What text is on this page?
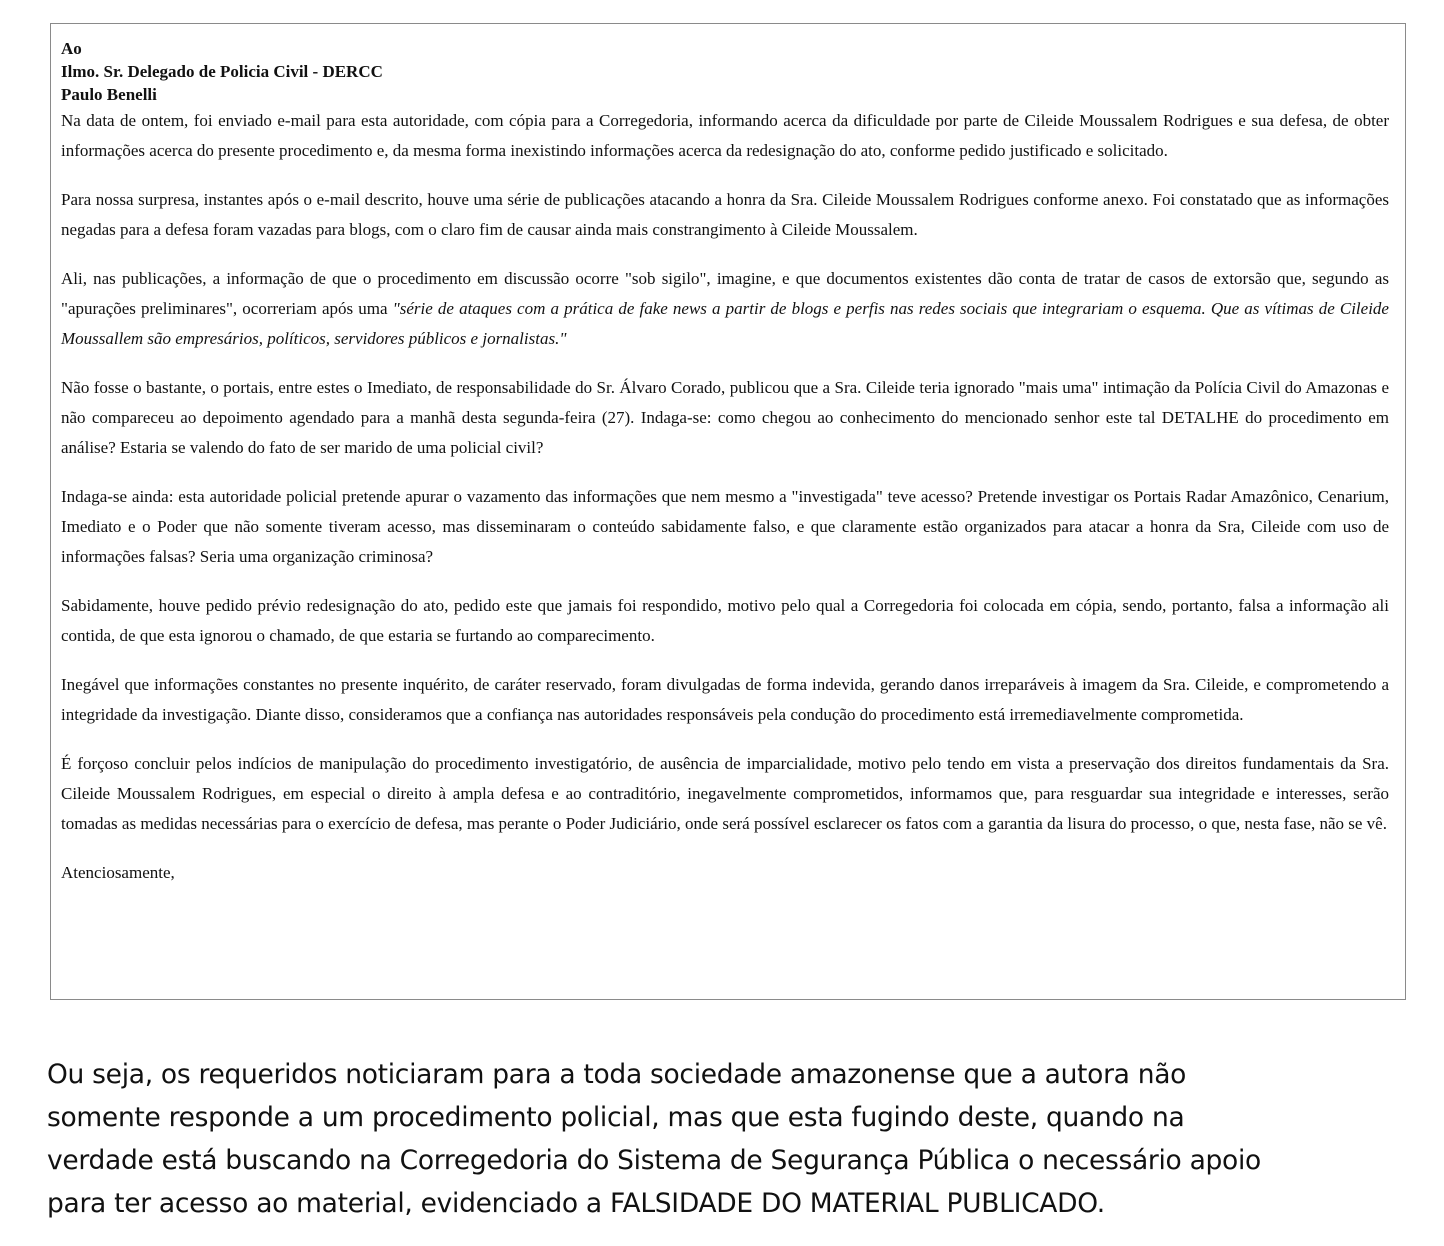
Ao

Ilmo. Sr. Delegado de Policia Civil - DERCC

Paulo Benelli

Na data de ontem, foi enviado e-mail para esta autoridade, com cópia para a Corregedoria, informando acerca da dificuldade por parte de Cileide Moussalem Rodrigues e sua defesa, de obter informações acerca do presente procedimento e, da mesma forma inexistindo informações acerca da redesignação do ato, conforme pedido justificado e solicitado.

Para nossa surpresa, instantes após o e-mail descrito, houve uma série de publicações atacando a honra da Sra. Cileide Moussalem Rodrigues conforme anexo. Foi constatado que as informações negadas para a defesa foram vazadas para blogs, com o claro fim de causar ainda mais constrangimento à Cileide Moussalem.

Ali, nas publicações, a informação de que o procedimento em discussão ocorre "sob sigilo", imagine, e que documentos existentes dão conta de tratar de casos de extorsão que, segundo as "apurações preliminares", ocorreriam após uma "série de ataques com a prática de fake news a partir de blogs e perfis nas redes sociais que integrariam o esquema. Que as vítimas de Cileide Moussallem são empresários, políticos, servidores públicos e jornalistas."

Não fosse o bastante, o portais, entre estes o Imediato, de responsabilidade do Sr. Álvaro Corado, publicou que a Sra. Cileide teria ignorado "mais uma" intimação da Polícia Civil do Amazonas e não compareceu ao depoimento agendado para a manhã desta segunda-feira (27). Indaga-se: como chegou ao conhecimento do mencionado senhor este tal DETALHE do procedimento em análise? Estaria se valendo do fato de ser marido de uma policial civil?

Indaga-se ainda: esta autoridade policial pretende apurar o vazamento das informações que nem mesmo a "investigada" teve acesso? Pretende investigar os Portais Radar Amazônico, Cenarium, Imediato e o Poder que não somente tiveram acesso, mas disseminaram o conteúdo sabidamente falso, e que claramente estão organizados para atacar a honra da Sra, Cileide com uso de informações falsas? Seria uma organização criminosa?

Sabidamente, houve pedido prévio redesignação do ato, pedido este que jamais foi respondido, motivo pelo qual a Corregedoria foi colocada em cópia, sendo, portanto, falsa a informação ali contida, de que esta ignorou o chamado, de que estaria se furtando ao comparecimento.

Inegável que informações constantes no presente inquérito, de caráter reservado, foram divulgadas de forma indevida, gerando danos irreparáveis à imagem da Sra. Cileide, e comprometendo a integridade da investigação. Diante disso, consideramos que a confiança nas autoridades responsáveis pela condução do procedimento está irremediavelmente comprometida.

É forçoso concluir pelos indícios de manipulação do procedimento investigatório, de ausência de imparcialidade, motivo pelo tendo em vista a preservação dos direitos fundamentais da Sra. Cileide Moussalem Rodrigues, em especial o direito à ampla defesa e ao contraditório, inegavelmente comprometidos, informamos que, para resguardar sua integridade e interesses, serão tomadas as medidas necessárias para o exercício de defesa, mas perante o Poder Judiciário, onde será possível esclarecer os fatos com a garantia da lisura do processo, o que, nesta fase, não se vê.

Atenciosamente,

Ou seja, os requeridos noticiaram para a toda sociedade amazonense que a autora não somente responde a um procedimento policial, mas que esta fugindo deste, quando na verdade está buscando na Corregedoria do Sistema de Segurança Pública o necessário apoio para ter acesso ao material, evidenciado a FALSIDADE DO MATERIAL PUBLICADO.
